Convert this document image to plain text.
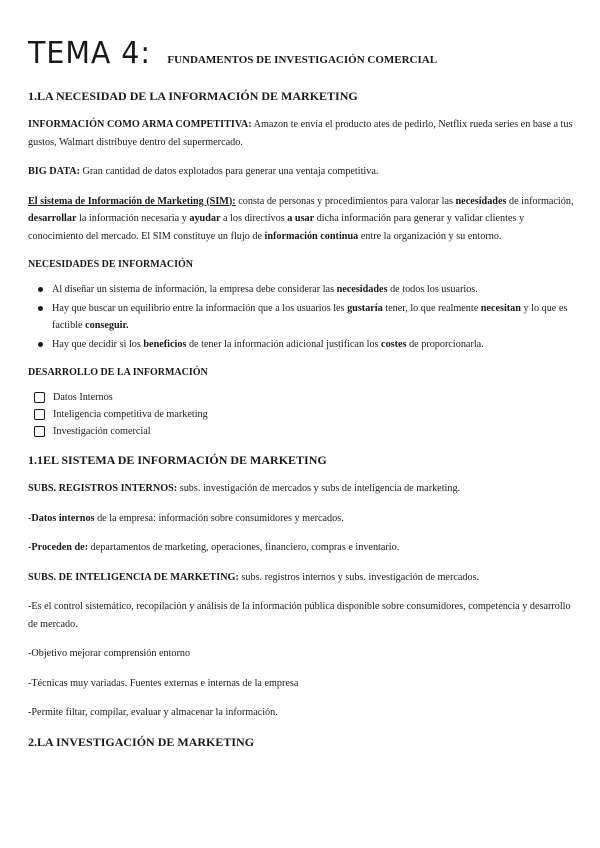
TEMA 4: FUNDAMENTOS DE INVESTIGACIÓN COMERCIAL
1.LA NECESIDAD DE LA INFORMACIÓN DE MARKETING

INFORMACIÓN COMO ARMA COMPETITIVA: Amazon te envía el producto ates de pedirlo, Netflix rueda series en base a tus gustos, Walmart distribuye dentro del supermercado.

BIG DATA: Gran cantidad de datos explotados para generar una ventaja competitiva.

El sistema de Información de Marketing (SIM): consta de personas y procedimientos para valorar las necesidades de información, desarrollar la información necesaria y ayudar a los directivos a usar dicha información para generar y validar clientes y conocimiento del mercado. El SIM constituye un flujo de información continua entre la organización y su entorno.

NECESIDADES DE INFORMACIÓN
Al diseñar un sistema de información, la empresa debe considerar las necesidades de todos los usuarios.
Hay que buscar un equilibrio entre la información que a los usuarios les gustaría tener, lo que realmente necesitan y lo que es factible conseguir.
Hay que decidir si los beneficios de tener la información adicional justifican los costes de proporcionarla.
DESARROLLO DE LA INFORMACIÓN
Datos Internos
Inteligencia competitiva de marketing
Investigación comercial
1.1EL SISTEMA DE INFORMACIÓN DE MARKETING

SUBS. REGISTROS INTERNOS: subs. investigación de mercados y subs de inteligencia de marketing.

-Datos internos de la empresa: información sobre consumidores y mercados.

-Proceden de: departamentos de marketing, operaciones, financiero, compras e inventario.

SUBS. DE INTELIGENCIA DE MARKETING: subs. registros internos y subs. investigación de mercados.

-Es el control sistemático, recopilación y análisis de la información pública disponible sobre consumidores, competencia y desarrollo de mercado.

-Objetivo mejorar comprensión entorno

-Técnicas muy variadas. Fuentes externas e internas de la empresa

-Permite filtar, compilar, evaluar y almacenar la información.

2.LA INVESTIGACIÓN DE MARKETING
